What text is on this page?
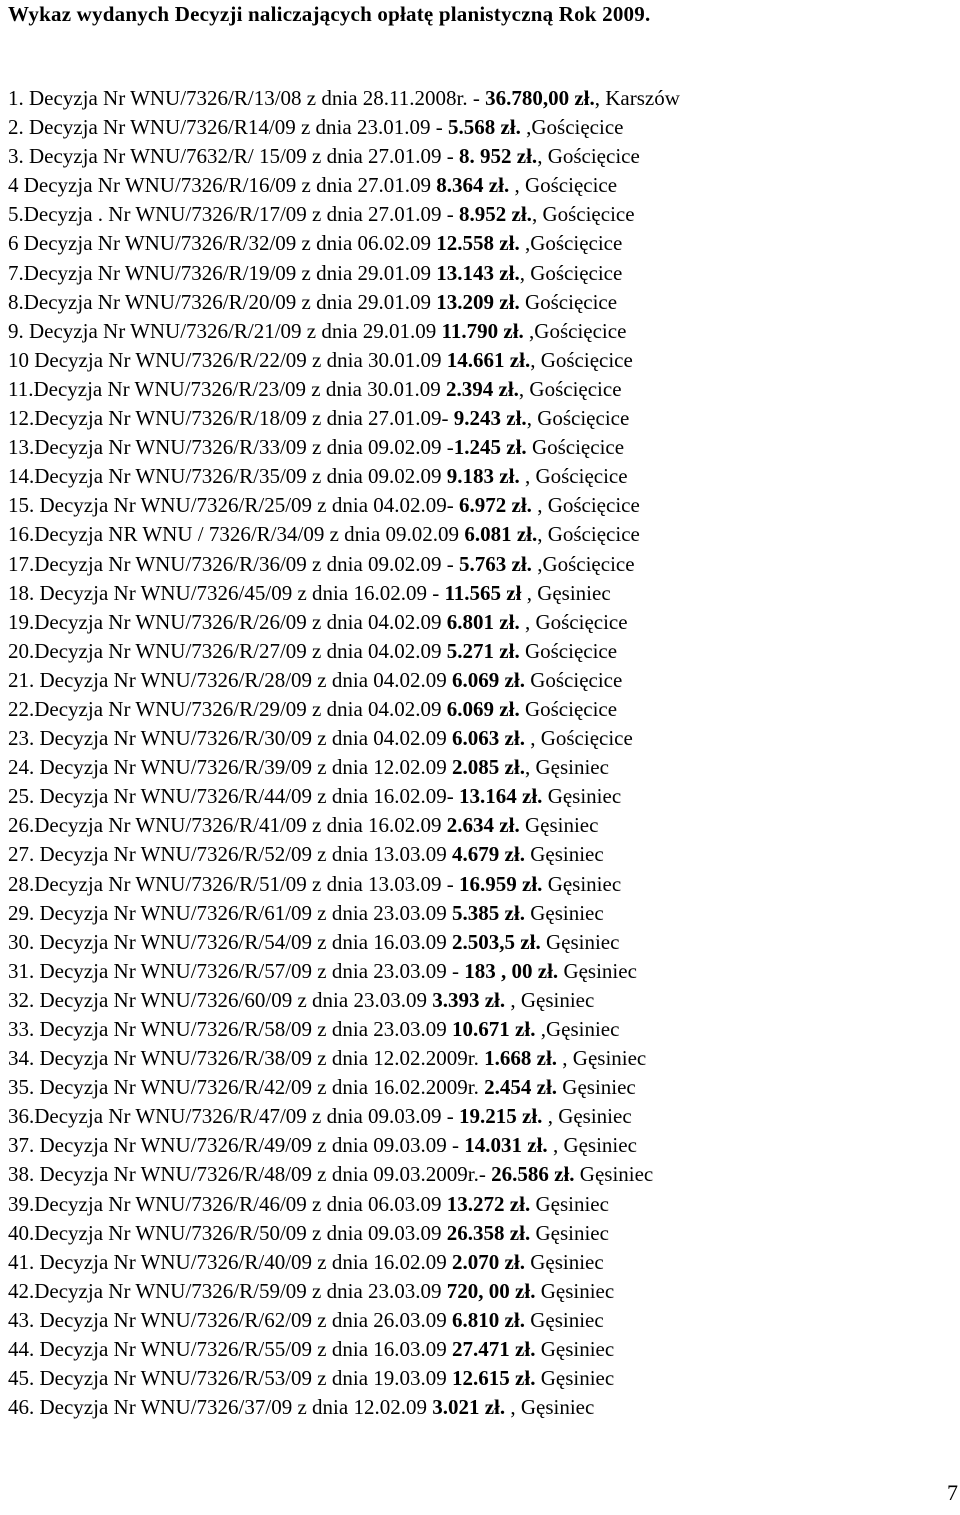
Wykaz wydanych Decyzji naliczających opłatę planistyczną Rok 2009.
1. Decyzja Nr WNU/7326/R/13/08 z dnia 28.11.2008r. - 36.780,00 zł., Karszów
2. Decyzja Nr WNU/7326/R14/09 z dnia 23.01.09 - 5.568 zł. ,Gościęcice
3. Decyzja Nr WNU/7632/R/ 15/09 z dnia 27.01.09 - 8. 952 zł., Gościęcice
4 Decyzja Nr WNU/7326/R/16/09 z dnia 27.01.09 8.364 zł. , Gościęcice
5.Decyzja . Nr WNU/7326/R/17/09 z dnia 27.01.09 - 8.952 zł., Gościęcice
6 Decyzja Nr WNU/7326/R/32/09 z dnia 06.02.09 12.558 zł. ,Gościęcice
7.Decyzja Nr WNU/7326/R/19/09 z dnia 29.01.09 13.143 zł., Gościęcice
8.Decyzja Nr WNU/7326/R/20/09 z dnia 29.01.09 13.209 zł. Gościęcice
9. Decyzja Nr WNU/7326/R/21/09 z dnia 29.01.09 11.790 zł. ,Gościęcice
10 Decyzja Nr WNU/7326/R/22/09 z dnia 30.01.09 14.661 zł., Gościęcice
11.Decyzja Nr WNU/7326/R/23/09 z dnia 30.01.09 2.394 zł., Gościęcice
12.Decyzja Nr WNU/7326/R/18/09 z dnia 27.01.09- 9.243 zł., Gościęcice
13.Decyzja Nr WNU/7326/R/33/09 z dnia 09.02.09 -1.245 zł. Gościęcice
14.Decyzja Nr WNU/7326/R/35/09 z dnia 09.02.09 9.183 zł. , Gościęcice
15. Decyzja Nr WNU/7326/R/25/09 z dnia 04.02.09- 6.972 zł. , Gościęcice
16.Decyzja NR WNU / 7326/R/34/09 z dnia 09.02.09 6.081 zł., Gościęcice
17.Decyzja Nr WNU/7326/R/36/09 z dnia 09.02.09 - 5.763 zł. ,Gościęcice
18. Decyzja Nr WNU/7326/45/09 z dnia 16.02.09 - 11.565 zł , Gęsiniec
19.Decyzja Nr WNU/7326/R/26/09 z dnia 04.02.09 6.801 zł. , Gościęcice
20.Decyzja Nr WNU/7326/R/27/09 z dnia 04.02.09 5.271 zł. Gościęcice
21. Decyzja Nr WNU/7326/R/28/09 z dnia 04.02.09 6.069 zł. Gościęcice
22.Decyzja Nr WNU/7326/R/29/09 z dnia 04.02.09 6.069 zł. Gościęcice
23. Decyzja Nr WNU/7326/R/30/09 z dnia 04.02.09 6.063 zł. , Gościęcice
24. Decyzja Nr WNU/7326/R/39/09 z dnia 12.02.09 2.085 zł., Gęsiniec
25. Decyzja Nr WNU/7326/R/44/09 z dnia 16.02.09- 13.164 zł. Gęsiniec
26.Decyzja Nr WNU/7326/R/41/09 z dnia 16.02.09 2.634 zł. Gęsiniec
27. Decyzja Nr WNU/7326/R/52/09 z dnia 13.03.09 4.679 zł. Gęsiniec
28.Decyzja Nr WNU/7326/R/51/09 z dnia 13.03.09 - 16.959 zł. Gęsiniec
29. Decyzja Nr WNU/7326/R/61/09 z dnia 23.03.09 5.385 zł. Gęsiniec
30. Decyzja Nr WNU/7326/R/54/09 z dnia 16.03.09 2.503,5 zł. Gęsiniec
31. Decyzja Nr WNU/7326/R/57/09 z dnia 23.03.09 - 183 , 00 zł. Gęsiniec
32. Decyzja Nr WNU/7326/60/09 z dnia 23.03.09 3.393 zł. , Gęsiniec
33. Decyzja Nr WNU/7326/R/58/09 z dnia 23.03.09 10.671 zł. ,Gęsiniec
34. Decyzja Nr WNU/7326/R/38/09 z dnia 12.02.2009r. 1.668 zł. , Gęsiniec
35. Decyzja Nr WNU/7326/R/42/09 z dnia 16.02.2009r. 2.454 zł. Gęsiniec
36.Decyzja Nr WNU/7326/R/47/09 z dnia 09.03.09 - 19.215 zł. , Gęsiniec
37. Decyzja Nr WNU/7326/R/49/09 z dnia 09.03.09 - 14.031 zł. , Gęsiniec
38. Decyzja Nr WNU/7326/R/48/09 z dnia 09.03.2009r.- 26.586 zł. Gęsiniec
39.Decyzja Nr WNU/7326/R/46/09 z dnia 06.03.09 13.272 zł. Gęsiniec
40.Decyzja Nr WNU/7326/R/50/09 z dnia 09.03.09 26.358 zł. Gęsiniec
41. Decyzja Nr WNU/7326/R/40/09 z dnia 16.02.09 2.070 zł. Gęsiniec
42.Decyzja Nr WNU/7326/R/59/09 z dnia 23.03.09 720, 00 zł. Gęsiniec
43. Decyzja Nr WNU/7326/R/62/09 z dnia 26.03.09 6.810 zł. Gęsiniec
44. Decyzja Nr WNU/7326/R/55/09 z dnia 16.03.09 27.471 zł. Gęsiniec
45. Decyzja Nr WNU/7326/R/53/09 z dnia 19.03.09 12.615 zł. Gęsiniec
46. Decyzja Nr WNU/7326/37/09 z dnia 12.02.09 3.021 zł. , Gęsiniec
7
